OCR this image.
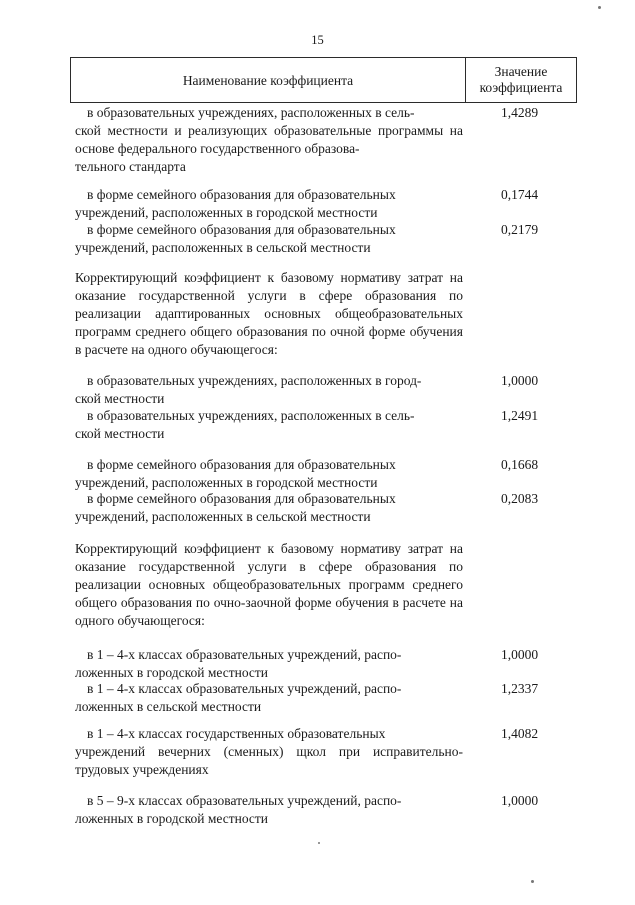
15
Наименование коэффициента
Значение
коэффициента
в образовательных учреждениях, расположенных в сель-
ской местности и реализующих образовательные программы на основе федерального государственного образова-
тельного стандарта
1,4289
в форме семейного образования для образовательных
учреждений, расположенных в городской местности
0,1744
в форме семейного образования для образовательных
учреждений, расположенных в сельской местности
0,2179
Корректирующий коэффициент к базовому нормативу затрат на оказание государственной услуги в сфере образования по реализации адаптированных основных общеобразовательных программ среднего общего образования по очной форме обучения в расчете на одного обучающегося:
в образовательных учреждениях, расположенных в город-
ской местности
1,0000
в образовательных учреждениях, расположенных в сель-
ской местности
1,2491
в форме семейного образования для образовательных
учреждений, расположенных в городской местности
0,1668
в форме семейного образования для образовательных
учреждений, расположенных в сельской местности
0,2083
Корректирующий коэффициент к базовому нормативу затрат на оказание государственной услуги в сфере образования по реализации основных общеобразовательных программ среднего общего образования по очно-заочной форме обучения в расчете на одного обучающегося:
в 1 – 4-х классах образовательных учреждений, распо-
ложенных в городской местности
1,0000
в 1 – 4-х классах образовательных учреждений, распо-
ложенных в сельской местности
1,2337
в 1 – 4-х классах государственных образовательных
учреждений вечерних (сменных) щкол при исправительно-трудовых учреждениях
1,4082
в 5 – 9-х классах образовательных учреждений, распо-
ложенных в городской местности
1,0000
